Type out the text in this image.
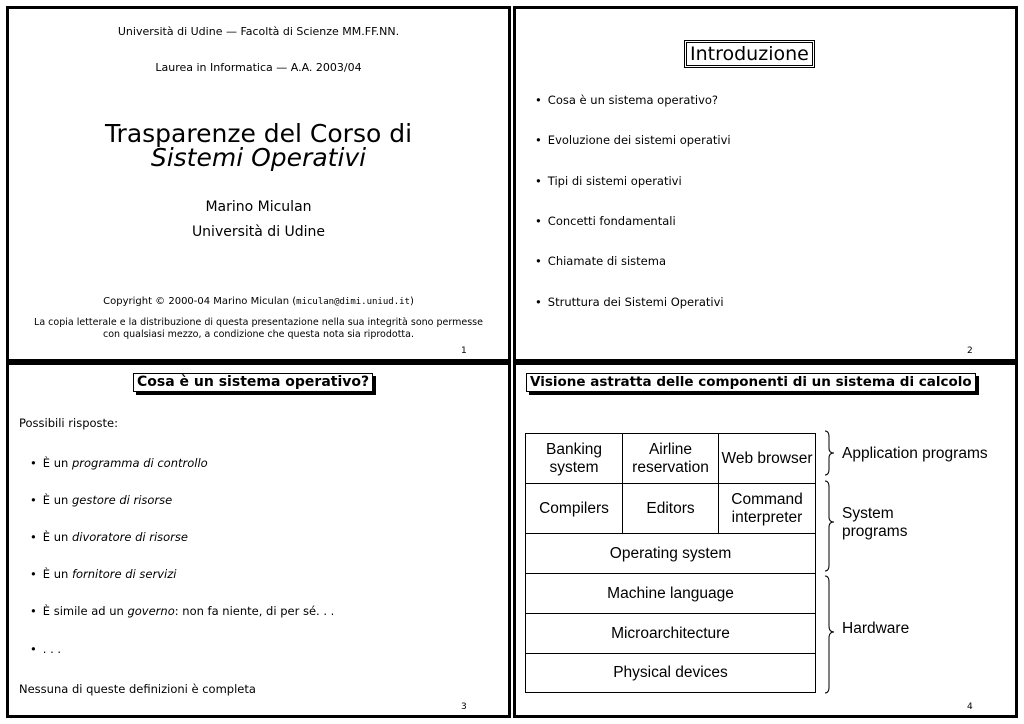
Università di Udine — Facoltà di Scienze MM.FF.NN.
Laurea in Informatica — A.A. 2003/04
Trasparenze del Corso di
Sistemi Operativi
Marino Miculan
Università di Udine
Copyright © 2000-04 Marino Miculan (miculan@dimi.uniud.it)
La copia letterale e la distribuzione di questa presentazione nella sua integrità sono permesse
con qualsiasi mezzo, a condizione che questa nota sia riprodotta.
1
Introduzione
• Cosa è un sistema operativo?
• Evoluzione dei sistemi operativi
• Tipi di sistemi operativi
• Concetti fondamentali
• Chiamate di sistema
• Struttura dei Sistemi Operativi
2
Cosa è un sistema operativo?
Possibili risposte:
• È un programma di controllo
• È un gestore di risorse
• È un divoratore di risorse
• È un fornitore di servizi
• È simile ad un governo: non fa niente, di per sé. . .
• . . .
Nessuna di queste definizioni è completa
3
Visione astratta delle componenti di un sistema di calcolo
Banking system
Airline reservation
Web browser
Compilers	Editors
Command interpreter
Operating system
Machine language
Microarchitecture
Physical devices
Application programs
System programs
Hardware
4
